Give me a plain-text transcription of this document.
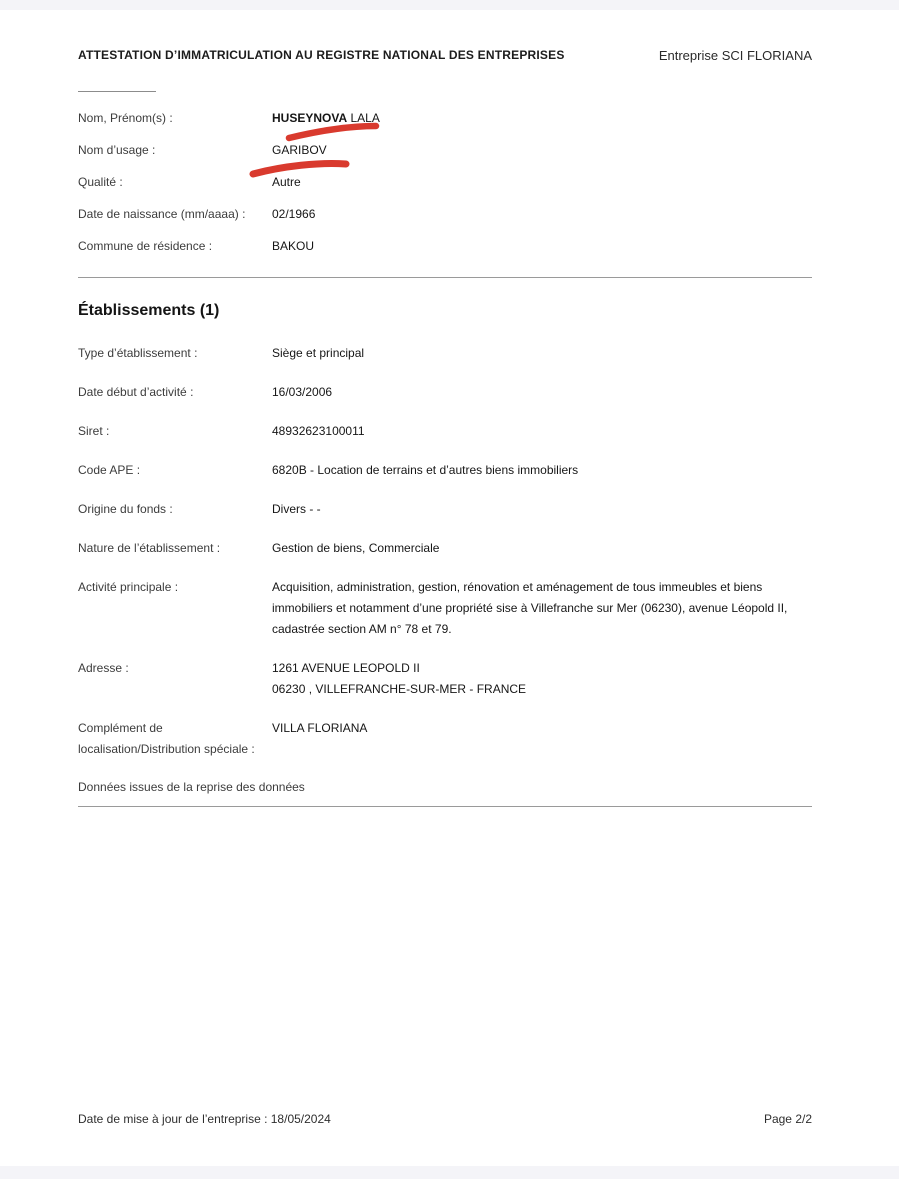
ATTESTATION D’IMMATRICULATION AU REGISTRE NATIONAL DES ENTREPRISES	Entreprise SCI FLORIANA
Nom, Prénom(s) :	HUSEYNOVA LALA
Nom d’usage :	GARIBOV
Qualité :	Autre
Date de naissance (mm/aaaa) :	02/1966
Commune de résidence :	BAKOU
Établissements (1)
Type d’établissement :	Siège et principal
Date début d’activité :	16/03/2006
Siret :	48932623100011
Code APE :	6820B - Location de terrains et d’autres biens immobiliers
Origine du fonds :	Divers - -
Nature de l’établissement :	Gestion de biens, Commerciale
Activité principale :	Acquisition, administration, gestion, rénovation et aménagement de tous immeubles et biens immobiliers et notamment d’une propriété sise à Villefranche sur Mer (06230), avenue Léopold II, cadastrée section AM n° 78 et 79.
Adresse :	1261 AVENUE LEOPOLD II
06230 , VILLEFRANCHE-SUR-MER - FRANCE
Complément de
localisation/Distribution spéciale :
VILLA FLORIANA
Données issues de la reprise des données
Date de mise à jour de l’entreprise : 18/05/2024	Page 2/2
